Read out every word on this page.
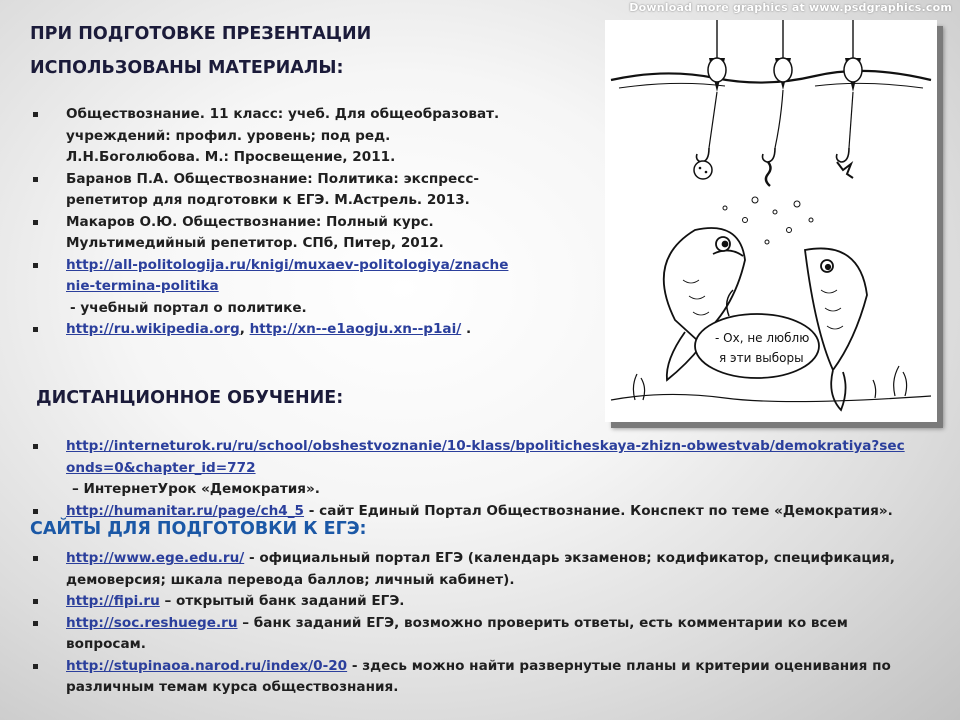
Download more graphics at www.psdgraphics.com
ПРИ ПОДГОТОВКЕ ПРЕЗЕНТАЦИИ
ИСПОЛЬЗОВАНЫ МАТЕРИАЛЫ:
Обществознание. 11 класс: учеб. Для общеобразоват.
учреждений: профил. уровень; под ред.
Л.Н.Боголюбова. М.: Просвещение, 2011.
Баранов П.А. Обществознание: Политика: экспресс-
репетитор для подготовки к ЕГЭ. М.Астрель. 2013.
Макаров О.Ю. Обществознание: Полный курс.
Мультимедийный репетитор. СПб, Питер, 2012.
http://all-politologija.ru/knigi/muxaev-politologiya/znache
nie-termina-politika
- учебный портал о политике.
http://ru.wikipedia.org, http://xn--e1aogju.xn--p1ai/ .
ДИСТАНЦИОННОЕ ОБУЧЕНИЕ:
http://interneturok.ru/ru/school/obshestvoznanie/10-klass/bpoliticheskaya-zhizn-obwestvab/demokratiya?sec
onds=0&chapter_id=772
– ИнтернетУрок «Демократия».
http://humanitar.ru/page/ch4_5 - сайт Единый Портал Обществознание. Конспект по теме «Демократия».
САЙТЫ ДЛЯ ПОДГОТОВКИ К ЕГЭ:
http://www.ege.edu.ru/ - официальный портал ЕГЭ (календарь экзаменов; кодификатор, спецификация,
демоверсия; шкала перевода баллов; личный кабинет).
http://fipi.ru – открытый банк заданий ЕГЭ.
http://soc.reshuege.ru – банк заданий ЕГЭ, возможно проверить ответы, есть комментарии ко всем
вопросам.
http://stupinaoa.narod.ru/index/0-20 - здесь можно найти развернутые планы и критерии оценивания по
различным темам курса обществознания.
- Ох, не люблю
я эти выборы
